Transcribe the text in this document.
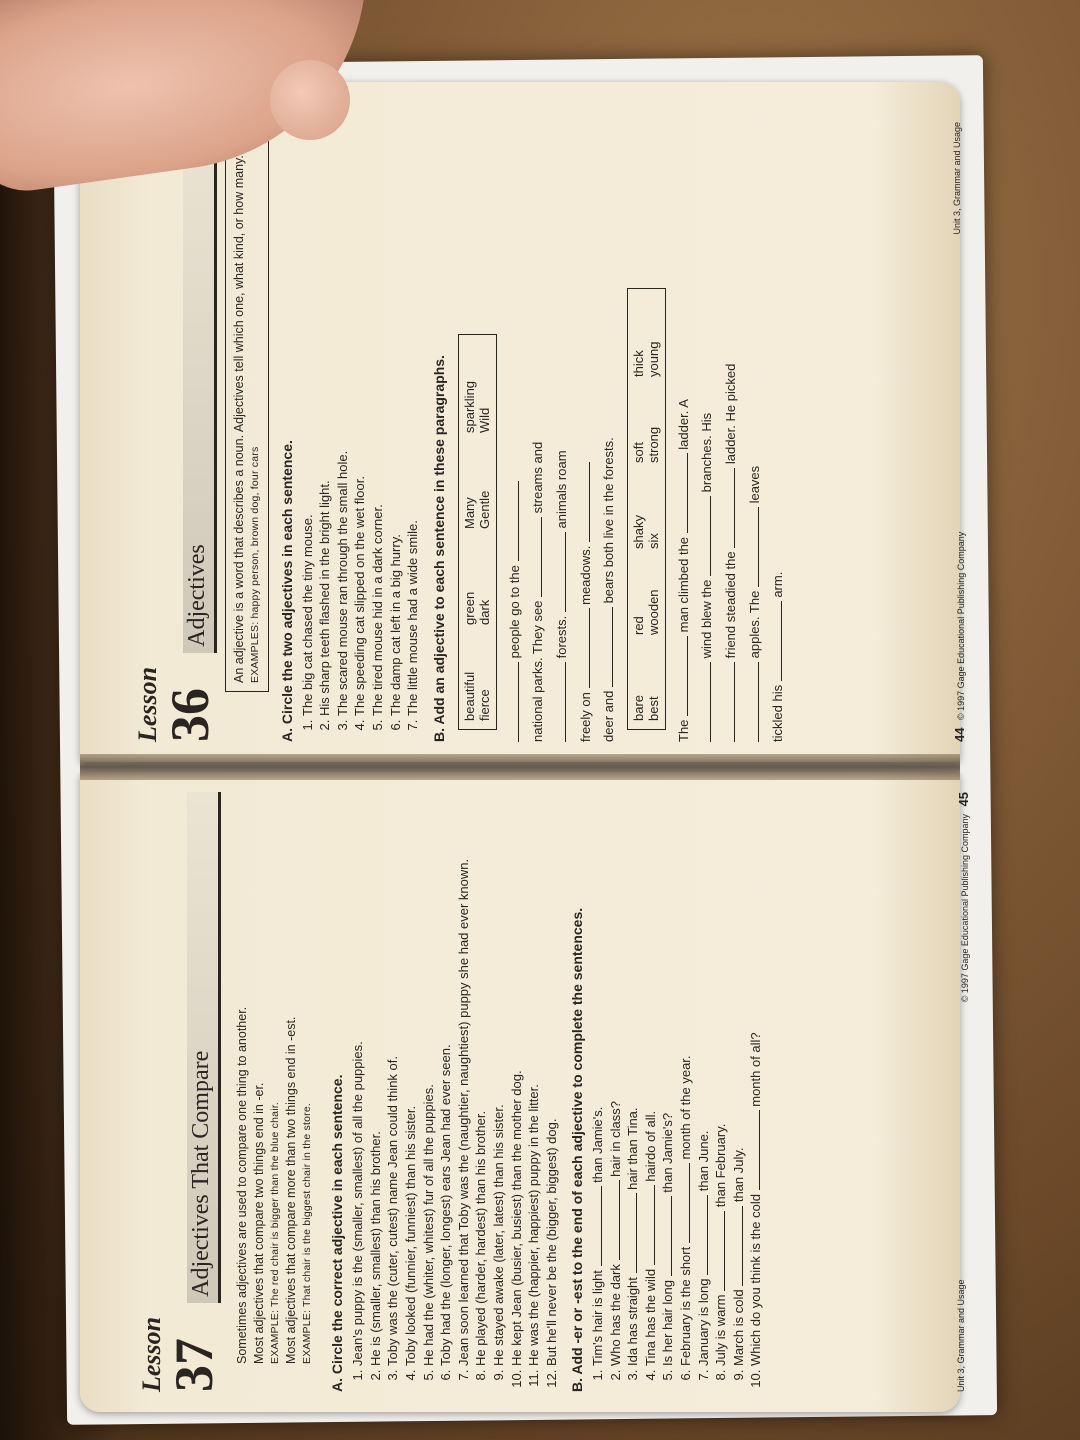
Lesson
36
Adjectives	An adjective is a word that describes a noun. Adjectives tell which one, what kind, or how many. EXAMPLES: happy person, brown dog, four cars A. Circle the two adjectives in each sentence. 1. The big cat chased the tiny mouse. 2. His sharp teeth flashed in the bright light. 3. The scared mouse ran through the small hole. 4. The speeding cat slipped on the wet floor. 5. The tired mouse hid in a dark corner. 6. The damp cat left in a big hurry. 7. The little mouse had a wide smile. B. Add an adjective to each sentence in these paragraphs. beautiful
green
Many
sparkling
fierce
dark
Gentle
Wild
people go to the national parks. They see  streams and
forests.  animals roam
freely on  meadows.
deer and  bears both live in the forests.
bare
red
shaky
soft
thick
best
wooden
six
strong
young
The  man climbed the  ladder. A
wind blew the  branches. His
friend steadied the  ladder. He picked
apples. The  leaves
tickled his  arm.
44   © 1997 Gage Educational Publishing Company
Unit 3, Grammar and Usage
Lesson
37
Adjectives That Compare	Sometimes adjectives are used to compare one thing to another. Most adjectives that compare two things end in -er. EXAMPLE: The red chair is bigger than the blue chair. Most adjectives that compare more than two things end in -est. EXAMPLE: That chair is the biggest chair in the store. A. Circle the correct adjective in each sentence. 1. Jean's puppy is the (smaller, smallest) of all the puppies. 2. He is (smaller, smallest) than his brother. 3. Toby was the (cuter, cutest) name Jean could think of. 4. Toby looked (funnier, funniest) than his sister. 5. He had the (whiter, whitest) fur of all the puppies. 6. Toby had the (longer, longest) ears Jean had ever seen. 7. Jean soon learned that Toby was the (naughtier, naughtiest) puppy she had ever known. 8. He played (harder, hardest) than his brother. 9. He stayed awake (later, latest) than his sister. 10. He kept Jean (busier, busiest) than the mother dog. 11. He was the (happier, happiest) puppy in the litter. 12. But he'll never be the (bigger, biggest) dog. B. Add -er or -est to the end of each adjective to complete the sentences. 1. Tim's hair is light  than Jamie's.
2. Who has the dark  hair in class?
3. Ida has straight  hair than Tina.
4. Tina has the wild  hairdo of all.
5. Is her hair long  than Jamie's?
6. February is the short  month of the year.
7. January is long  than June.
8. July is warm  than February.
9. March is cold  than July.
10. Which do you think is the cold  month of all?
Unit 3, Grammar and Usage
© 1997 Gage Educational Publishing Company   45
